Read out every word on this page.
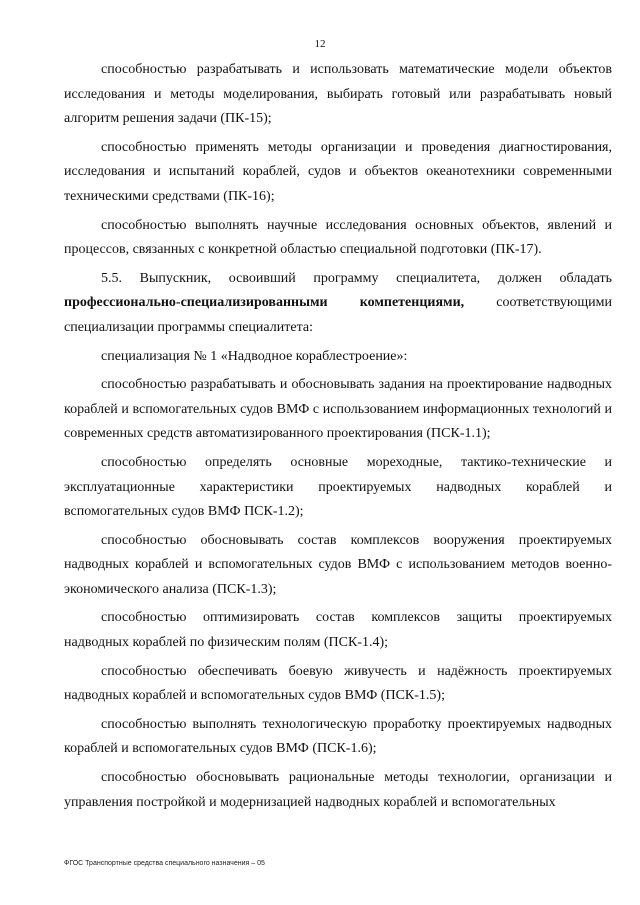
12

способностью разрабатывать и использовать математические модели объектов исследования и методы моделирования, выбирать готовый или разрабатывать новый алгоритм решения задачи (ПК-15);

способностью применять методы организации и проведения диагностирования, исследования и испытаний кораблей, судов и объектов океанотехники современными техническими средствами (ПК-16);

способностью выполнять научные исследования основных объектов, явлений и процессов, связанных с конкретной областью специальной подготовки (ПК-17).

5.5. Выпускник, освоивший программу специалитета, должен обладать профессионально-специализированными компетенциями, соответствующими специализации программы специалитета:

специализация № 1 «Надводное кораблестроение»:

способностью разрабатывать и обосновывать задания на проектирование надводных кораблей и вспомогательных судов ВМФ с использованием информационных технологий и современных средств автоматизированного проектирования (ПСК-1.1);

способностью определять основные мореходные, тактико-технические и эксплуатационные характеристики проектируемых надводных кораблей и вспомогательных судов ВМФ ПСК-1.2);

способностью обосновывать состав комплексов вооружения проектируемых надводных кораблей и вспомогательных судов ВМФ с использованием методов военно-экономического анализа (ПСК-1.3);

способностью оптимизировать состав комплексов защиты проектируемых надводных кораблей по физическим полям (ПСК-1.4);

способностью обеспечивать боевую живучесть и надёжность проектируемых надводных кораблей и вспомогательных судов ВМФ (ПСК-1.5);

способностью выполнять технологическую проработку проектируемых надводных кораблей и вспомогательных судов ВМФ (ПСК-1.6);

способностью обосновывать рациональные методы технологии, организации и управления постройкой и модернизацией надводных кораблей и вспомогательных

ФГОС Транспортные средства специального назначения – 05
